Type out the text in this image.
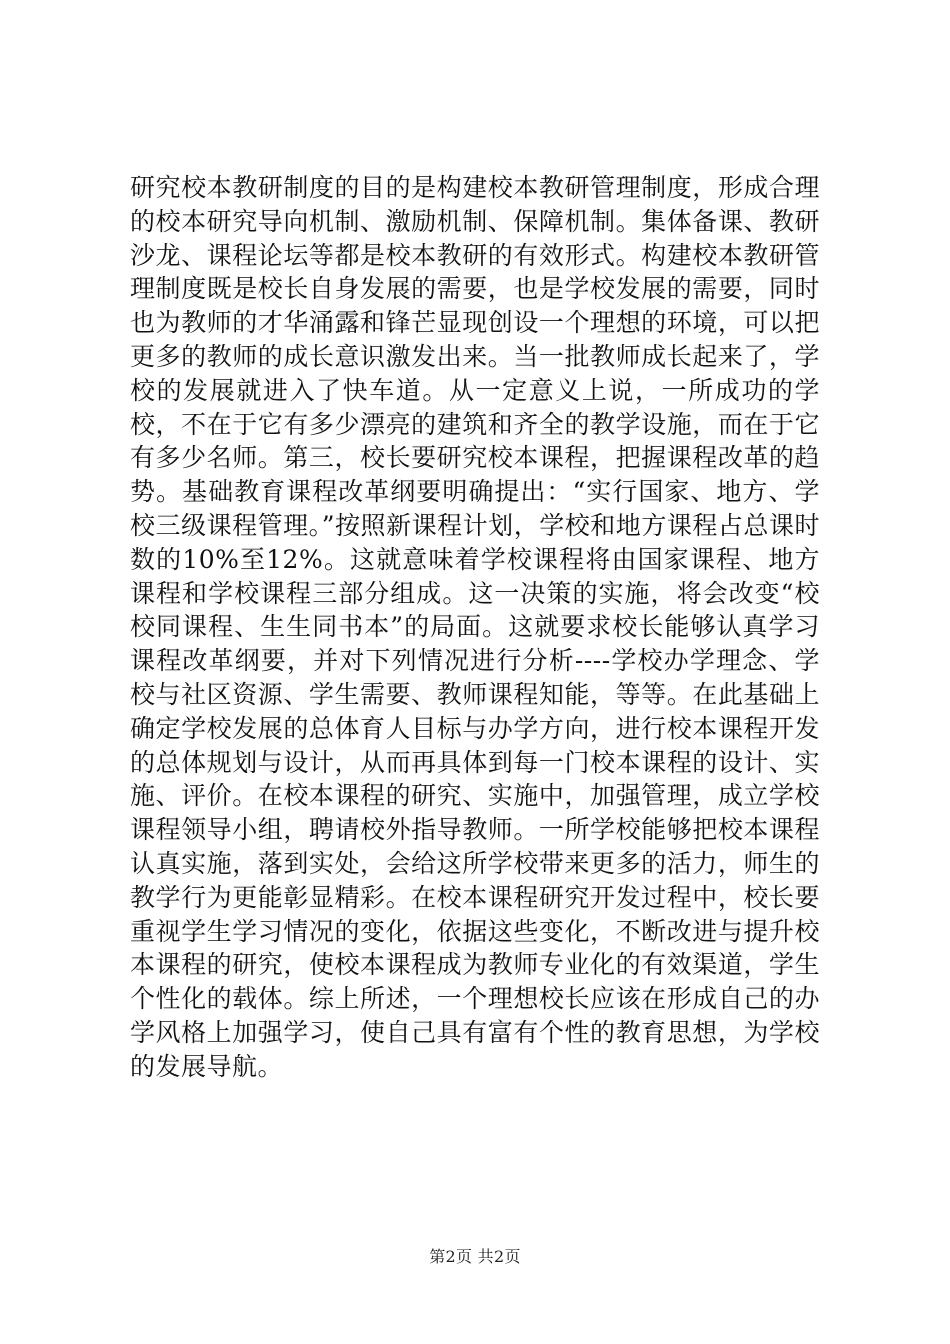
研究校本教研制度的目的是构建校本教研管理制度，形成合理的校本研究导向机制、激励机制、保障机制。集体备课、教研沙龙、课程论坛等都是校本教研的有效形式。构建校本教研管理制度既是校长自身发展的需要，也是学校发展的需要，同时也为教师的才华涌露和锋芒显现创设一个理想的环境，可以把更多的教师的成长意识激发出来。当一批教师成长起来了，学校的发展就进入了快车道。从一定意义上说，一所成功的学校，不在于它有多少漂亮的建筑和齐全的教学设施，而在于它有多少名师。第三，校长要研究校本课程，把握课程改革的趋势。基础教育课程改革纲要明确提出：“实行国家、地方、学校三级课程管理。”按照新课程计划，学校和地方课程占总课时数的10%至12%。这就意味着学校课程将由国家课程、地方课程和学校课程三部分组成。这一决策的实施，将会改变“校校同课程、生生同书本”的局面。这就要求校长能够认真学习课程改革纲要，并对下列情况进行分析----学校办学理念、学校与社区资源、学生需要、教师课程知能，等等。在此基础上确定学校发展的总体育人目标与办学方向，进行校本课程开发的总体规划与设计，从而再具体到每一门校本课程的设计、实施、评价。在校本课程的研究、实施中，加强管理，成立学校课程领导小组，聘请校外指导教师。一所学校能够把校本课程认真实施，落到实处，会给这所学校带来更多的活力，师生的教学行为更能彰显精彩。在校本课程研究开发过程中，校长要重视学生学习情况的变化，依据这些变化，不断改进与提升校本课程的研究，使校本课程成为教师专业化的有效渠道，学生个性化的载体。综上所述，一个理想校长应该在形成自己的办学风格上加强学习，使自己具有富有个性的教育思想，为学校的发展导航。

第2页 共2页
